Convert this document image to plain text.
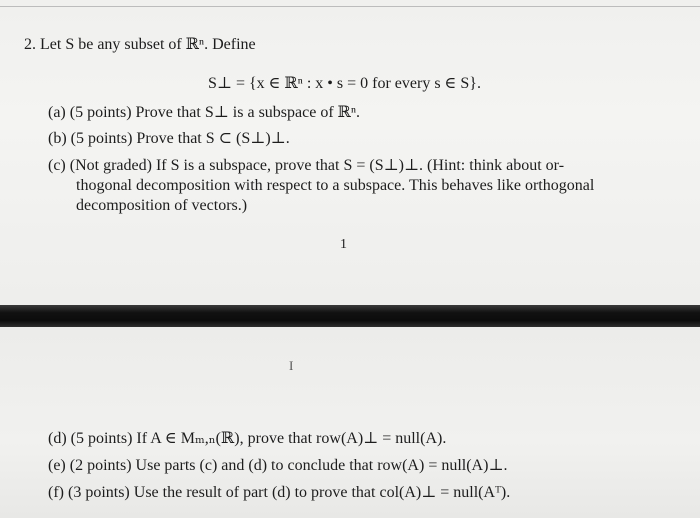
2. Let S be any subset of ℝⁿ. Define
S⊥ = {x ∈ ℝⁿ : x • s = 0 for every s ∈ S}.
(a) (5 points) Prove that S⊥ is a subspace of ℝⁿ.
(b) (5 points) Prove that S ⊂ (S⊥)⊥.
(c) (Not graded) If S is a subspace, prove that S = (S⊥)⊥. (Hint: think about or-
thogonal decomposition with respect to a subspace. This behaves like orthogonal
decomposition of vectors.)
1
I
(d) (5 points) If A ∈ Mₘ,ₙ(ℝ), prove that row(A)⊥ = null(A).
(e) (2 points) Use parts (c) and (d) to conclude that row(A) = null(A)⊥.
(f) (3 points) Use the result of part (d) to prove that col(A)⊥ = null(Aᵀ).
